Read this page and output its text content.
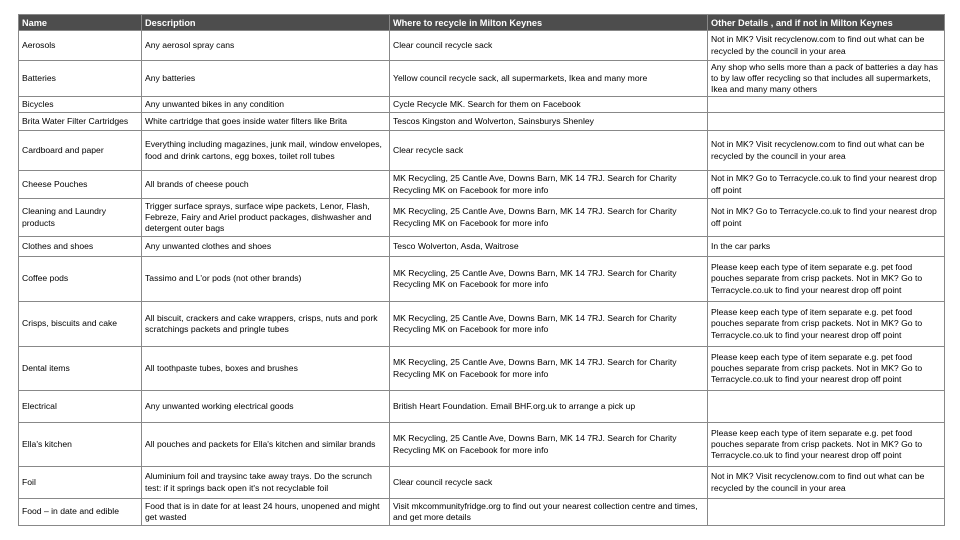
Name	Description	Where to recycle in Milton Keynes	Other Details , and if not in Milton Keynes
Aerosols	Any aerosol spray cans	Clear council recycle sack	Not in MK? Visit recyclenow.com to find out what can be recycled by the council in your area
Batteries	Any batteries	Yellow council recycle sack, all supermarkets, Ikea and many more	Any shop who sells more than a pack of batteries a day has to by law offer recycling so that includes all supermarkets, Ikea and many many others
Bicycles	Any unwanted bikes in any condition	Cycle Recycle MK. Search for them on Facebook	
Brita Water Filter Cartridges	White cartridge that goes inside water filters like Brita	Tescos Kingston and Wolverton, Sainsburys Shenley	
Cardboard and paper	Everything including magazines, junk mail, window envelopes, food and drink cartons, egg boxes, toilet roll tubes	Clear recycle sack	Not in MK? Visit recyclenow.com to find out what can be recycled by the council in your area
Cheese Pouches	All brands of cheese pouch	MK Recycling, 25 Cantle Ave, Downs Barn, MK 14 7RJ. Search for Charity Recycling MK on Facebook for more info	Not in MK? Go to Terracycle.co.uk to find your nearest drop off point
Cleaning and Laundry products	Trigger surface sprays, surface wipe packets, Lenor, Flash, Febreze, Fairy and Ariel product packages, dishwasher and detergent outer bags	MK Recycling, 25 Cantle Ave, Downs Barn, MK 14 7RJ. Search for Charity Recycling MK on Facebook for more info	Not in MK? Go to Terracycle.co.uk to find your nearest drop off point
Clothes and shoes	Any unwanted clothes and shoes	Tesco Wolverton, Asda, Waitrose	In the car parks
Coffee pods	Tassimo and L'or pods (not other brands)	MK Recycling, 25 Cantle Ave, Downs Barn, MK 14 7RJ. Search for Charity Recycling MK on Facebook for more info	Please keep each type of item separate e.g. pet food pouches separate from crisp packets. Not in MK? Go to Terracycle.co.uk to find your nearest drop off point
Crisps, biscuits and cake	All biscuit, crackers and cake wrappers, crisps, nuts and pork scratchings packets and pringle tubes	MK Recycling, 25 Cantle Ave, Downs Barn, MK 14 7RJ. Search for Charity Recycling MK on Facebook for more info	Please keep each type of item separate e.g. pet food pouches separate from crisp packets. Not in MK? Go to Terracycle.co.uk to find your nearest drop off point
Dental items	All toothpaste tubes, boxes and brushes	MK Recycling, 25 Cantle Ave, Downs Barn, MK 14 7RJ. Search for Charity Recycling MK on Facebook for more info	Please keep each type of item separate e.g. pet food pouches separate from crisp packets. Not in MK? Go to Terracycle.co.uk to find your nearest drop off point
Electrical	Any unwanted working electrical goods	British Heart Foundation. Email BHF.org.uk to arrange a pick up	
Ella's kitchen	All pouches and packets for Ella's kitchen and similar brands	MK Recycling, 25 Cantle Ave, Downs Barn, MK 14 7RJ. Search for Charity Recycling MK on Facebook for more info	Please keep each type of item separate e.g. pet food pouches separate from crisp packets. Not in MK? Go to Terracycle.co.uk to find your nearest drop off point
Foil	Aluminium foil and traysinc take away trays. Do the scrunch test: if it springs back open it's not recyclable foil	Clear council recycle sack	Not in MK? Visit recyclenow.com to find out what can be recycled by the council in your area
Food – in date and edible	Food that is in date for at least 24 hours, unopened and might get wasted	Visit mkcommunityfridge.org to find out your nearest collection centre and times, and get more details	
